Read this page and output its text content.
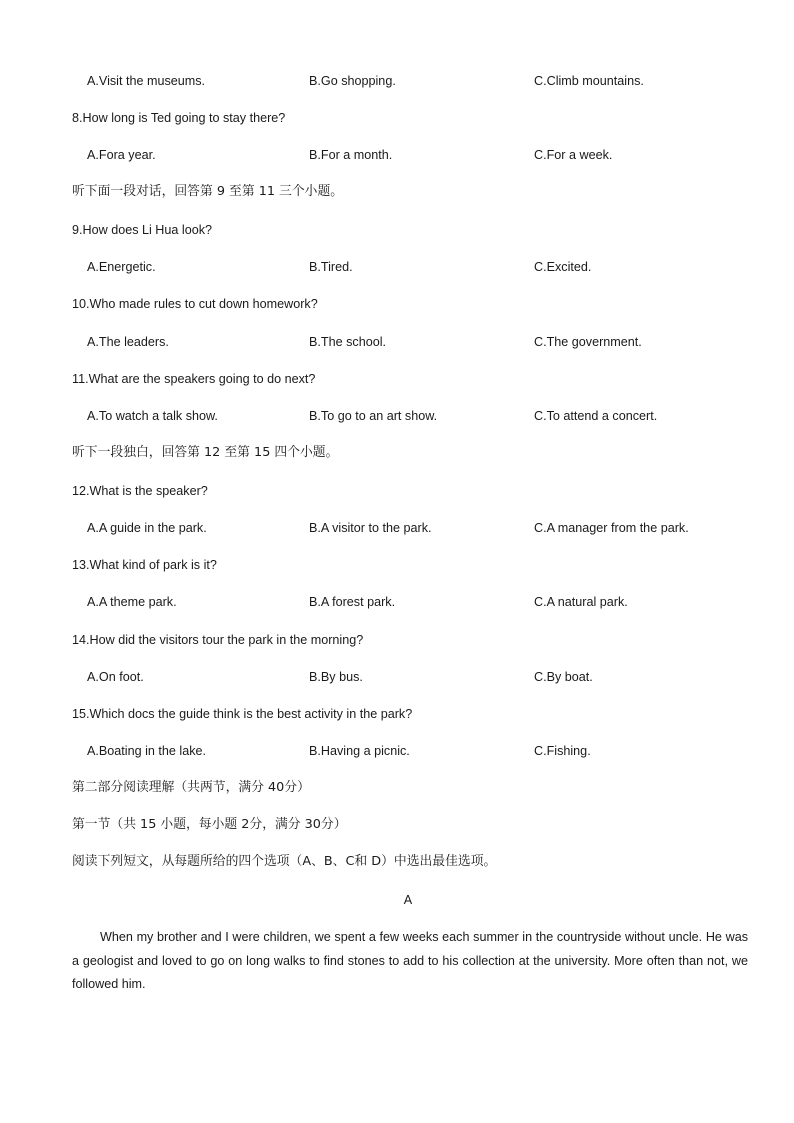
A.Visit the museums.	B.Go shopping.	C.Climb mountains.
8.How long is Ted going to stay there?
A.Fora year.	B.For a month.	C.For a week.
听下面一段对话，回答第 9 至第 11 三个小题。
9.How does Li Hua look?
A.Energetic.	B.Tired.	C.Excited.
10.Who made rules to cut down homework?
A.The leaders.	B.The school.	C.The government.
11.What are the speakers going to do next?
A.To watch a talk show.	B.To go to an art show.	C.To attend a concert.
听下一段独白，回答第 12 至第 15 四个小题。
12.What is the speaker?
A.A guide in the park.	B.A visitor to the park.	C.A manager from the park.
13.What kind of park is it?
A.A theme park.	B.A forest park.	C.A natural park.
14.How did the visitors tour the park in the morning?
A.On foot.	B.By bus.	C.By boat.
15.Which docs the guide think is the best activity in the park?
A.Boating in the lake.	B.Having a picnic.	C.Fishing.
第二部分阅读理解（共两节，满分 40分）
第一节（共 15 小题，每小题 2分，满分 30分）
阅读下列短文，从每题所给的四个选项（A、B、C和 D）中选出最佳选项。
A

When my brother and I were children, we spent a few weeks each summer in the countryside without uncle. He was a geologist and loved to go on long walks to find stones to add to his collection at the university. More often than not, we followed him.
